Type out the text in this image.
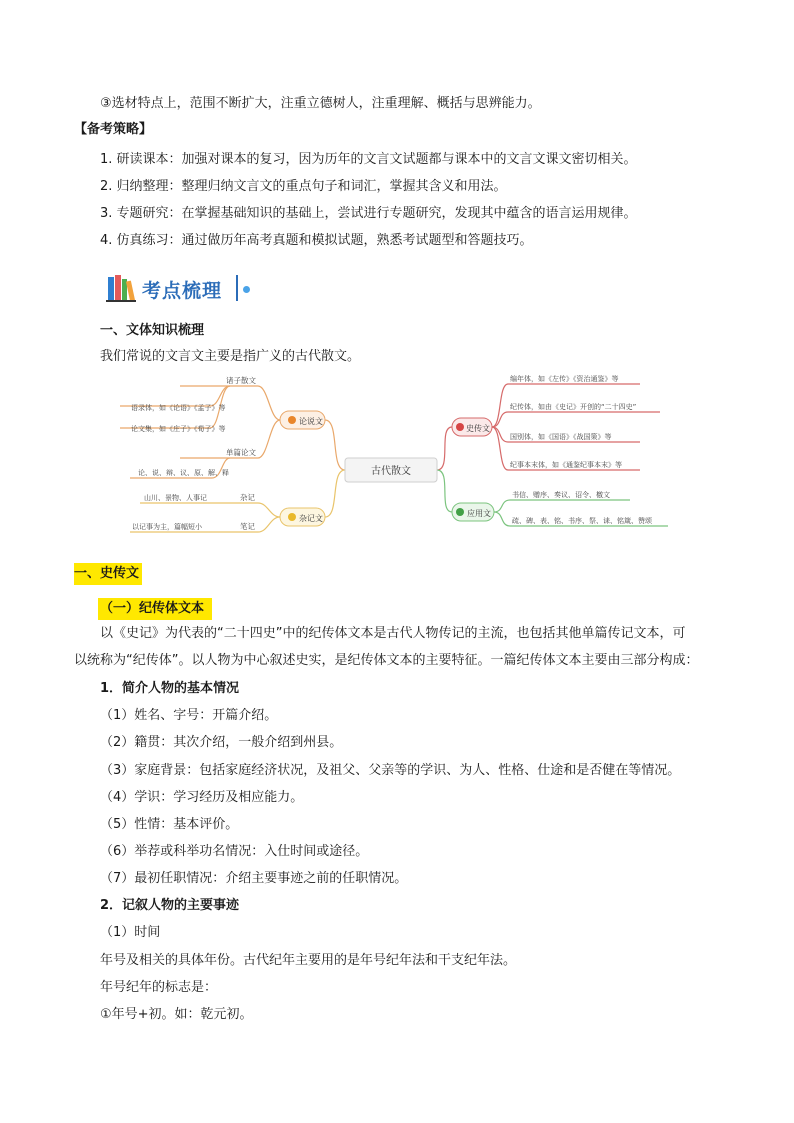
③选材特点上，范围不断扩大，注重立德树人，注重理解、概括与思辨能力。
【备考策略】
1. 研读课本：加强对课本的复习，因为历年的文言文试题都与课本中的文言文课文密切相关。
2. 归纳整理：整理归纳文言文的重点句子和词汇，掌握其含义和用法。
3. 专题研究：在掌握基础知识的基础上，尝试进行专题研究，发现其中蕴含的语言运用规律。
4. 仿真练习：通过做历年高考真题和模拟试题，熟悉考试题型和答题技巧。
考点梳理
一、文体知识梳理
我们常说的文言文主要是指广义的古代散文。
古代散文
论说文
杂记文
诸子散文
语录体，如《论语》《孟子》等
论文集，如《庄子》《荀子》等
单篇论文
论、说、辩、议、原、解、释
杂记
山川、景物、人事记
笔记
以记事为主，篇幅短小
史传文
应用文
编年体，如《左传》《资治通鉴》等
纪传体，如由《史记》开创的“二十四史”
国别体，如《国语》《战国策》等
纪事本末体，如《通鉴纪事本末》等
书信、赠序、奏议、诏令、檄文
疏、碑、表、铭、书序、祭、诔、铭箴、赞颂
一、史传文
（一）纪传体文本
以《史记》为代表的“二十四史”中的纪传体文本是古代人物传记的主流，也包括其他单篇传记文本，可
以统称为“纪传体”。以人物为中心叙述史实，是纪传体文本的主要特征。一篇纪传体文本主要由三部分构成：
1．简介人物的基本情况
（1）姓名、字号：开篇介绍。
（2）籍贯：其次介绍，一般介绍到州县。
（3）家庭背景：包括家庭经济状况，及祖父、父亲等的学识、为人、性格、仕途和是否健在等情况。
（4）学识：学习经历及相应能力。
（5）性情：基本评价。
（6）举荐或科举功名情况：入仕时间或途径。
（7）最初任职情况：介绍主要事迹之前的任职情况。
2．记叙人物的主要事迹
（1）时间
年号及相关的具体年份。古代纪年主要用的是年号纪年法和干支纪年法。
年号纪年的标志是：
①年号+初。如：乾元初。
